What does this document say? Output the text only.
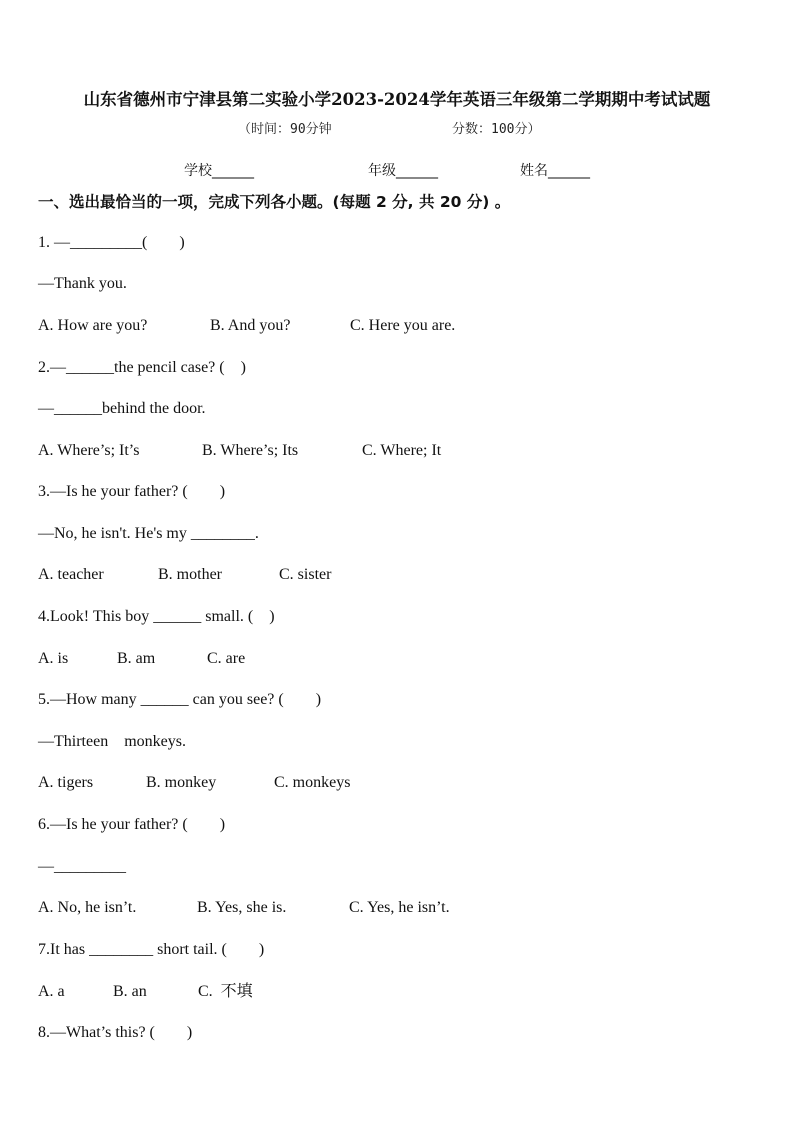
山东省德州市宁津县第二实验小学2023-2024学年英语三年级第二学期期中考试试题
（时间：90分钟	分数：100分）
学校______	年级______	姓名______
一、选出最恰当的一项，完成下列各小题。(每题 2 分, 共 20 分) 。
1. —_________(　　)
—Thank you.
A. How are you?	B. And you?	C. Here you are.
2.—______the pencil case? (　)
—______behind the door.
A. Where’s; It’s	B. Where’s; Its	C. Where; It
3.—Is he your father? (　　)
—No, he isn't. He's my ________.
A. teacher	B. mother	C. sister
4.Look! This boy ______ small. (　)
A. is	B. am	C. are
5.—How many ______ can you see? (　　)
—Thirteen　monkeys.
A. tigers	B. monkey	C. monkeys
6.—Is he your father? (　　)
—_________
A. No, he isn’t.	B. Yes, she is.	C. Yes, he isn’t.
7.It has ________ short tail. (　　)
A. a	B. an	C.  不填
8.—What’s this? (　　)
